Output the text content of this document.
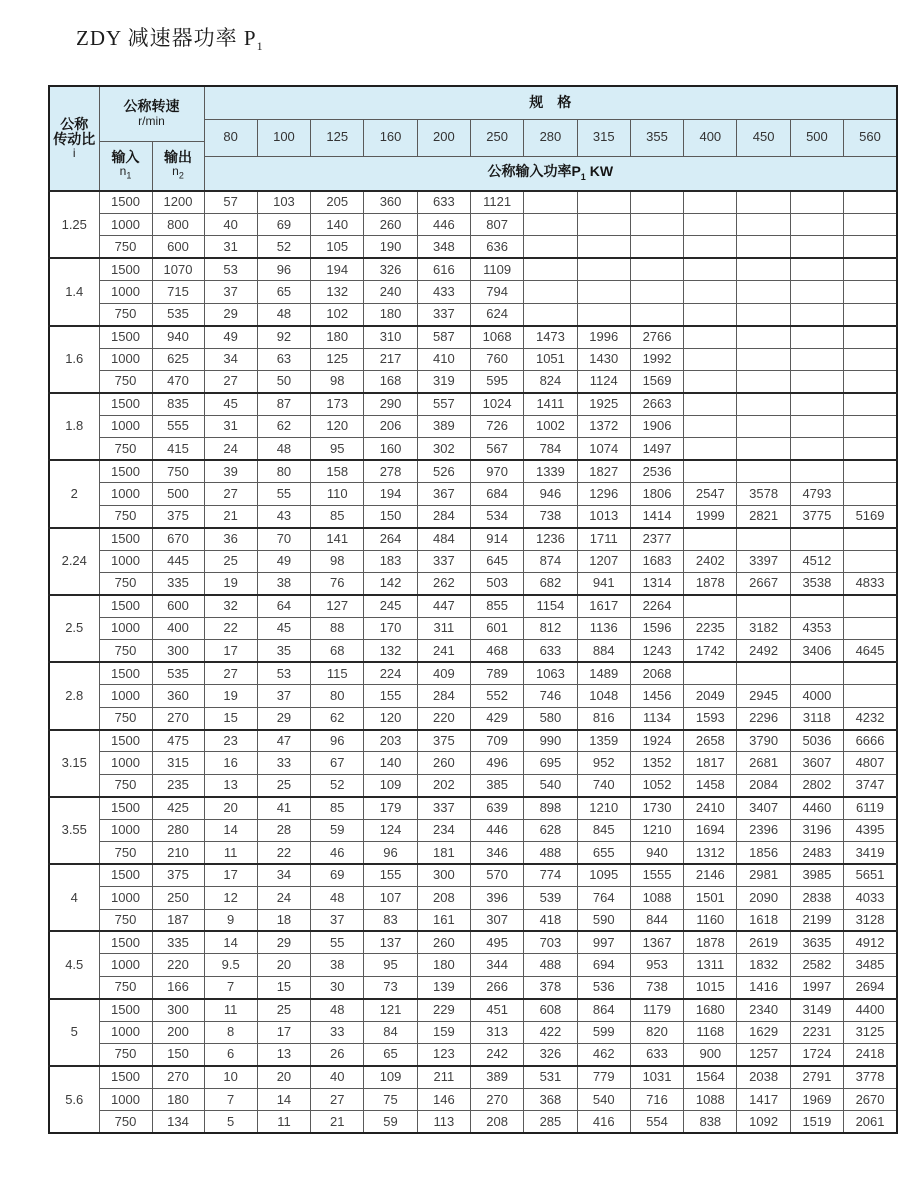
ZDY 减速器功率 $P_1$
公称
传动比
i

公称转速
r/min
	规　格
			80	100	125	160	200	250	280	315	355	400	450	500	560

输入
$n_1$

输出
$n_2$

			公称输入功率$P_1$ KW												
1.25	1500	1200	57	103	205	360	633	1121							
	1000	800	40	69	140	260	446	807							
	750	600	31	52	105	190	348	636							
1.4	1500	1070	53	96	194	326	616	1109							
	1000	715	37	65	132	240	433	794							
	750	535	29	48	102	180	337	624							
1.6	1500	940	49	92	180	310	587	1068	1473	1996	2766				
	1000	625	34	63	125	217	410	760	1051	1430	1992				
	750	470	27	50	98	168	319	595	824	1124	1569				
1.8	1500	835	45	87	173	290	557	1024	1411	1925	2663				
	1000	555	31	62	120	206	389	726	1002	1372	1906				
	750	415	24	48	95	160	302	567	784	1074	1497				
2	1500	750	39	80	158	278	526	970	1339	1827	2536				
	1000	500	27	55	110	194	367	684	946	1296	1806	2547	3578	4793	
	750	375	21	43	85	150	284	534	738	1013	1414	1999	2821	3775	5169
2.24	1500	670	36	70	141	264	484	914	1236	1711	2377				
	1000	445	25	49	98	183	337	645	874	1207	1683	2402	3397	4512	
	750	335	19	38	76	142	262	503	682	941	1314	1878	2667	3538	4833
2.5	1500	600	32	64	127	245	447	855	1154	1617	2264				
	1000	400	22	45	88	170	311	601	812	1136	1596	2235	3182	4353	
	750	300	17	35	68	132	241	468	633	884	1243	1742	2492	3406	4645
2.8	1500	535	27	53	115	224	409	789	1063	1489	2068				
	1000	360	19	37	80	155	284	552	746	1048	1456	2049	2945	4000	
	750	270	15	29	62	120	220	429	580	816	1134	1593	2296	3118	4232
3.15	1500	475	23	47	96	203	375	709	990	1359	1924	2658	3790	5036	6666
	1000	315	16	33	67	140	260	496	695	952	1352	1817	2681	3607	4807
	750	235	13	25	52	109	202	385	540	740	1052	1458	2084	2802	3747
3.55	1500	425	20	41	85	179	337	639	898	1210	1730	2410	3407	4460	6119
	1000	280	14	28	59	124	234	446	628	845	1210	1694	2396	3196	4395
	750	210	11	22	46	96	181	346	488	655	940	1312	1856	2483	3419
4	1500	375	17	34	69	155	300	570	774	1095	1555	2146	2981	3985	5651
	1000	250	12	24	48	107	208	396	539	764	1088	1501	2090	2838	4033
	750	187	9	18	37	83	161	307	418	590	844	1160	1618	2199	3128
4.5	1500	335	14	29	55	137	260	495	703	997	1367	1878	2619	3635	4912
	1000	220	9.5	20	38	95	180	344	488	694	953	1311	1832	2582	3485
	750	166	7	15	30	73	139	266	378	536	738	1015	1416	1997	2694
5	1500	300	11	25	48	121	229	451	608	864	1179	1680	2340	3149	4400
	1000	200	8	17	33	84	159	313	422	599	820	1168	1629	2231	3125
	750	150	6	13	26	65	123	242	326	462	633	900	1257	1724	2418
5.6	1500	270	10	20	40	109	211	389	531	779	1031	1564	2038	2791	3778
	1000	180	7	14	27	75	146	270	368	540	716	1088	1417	1969	2670
	750	134	5	11	21	59	113	208	285	416	554	838	1092	1519	2061
